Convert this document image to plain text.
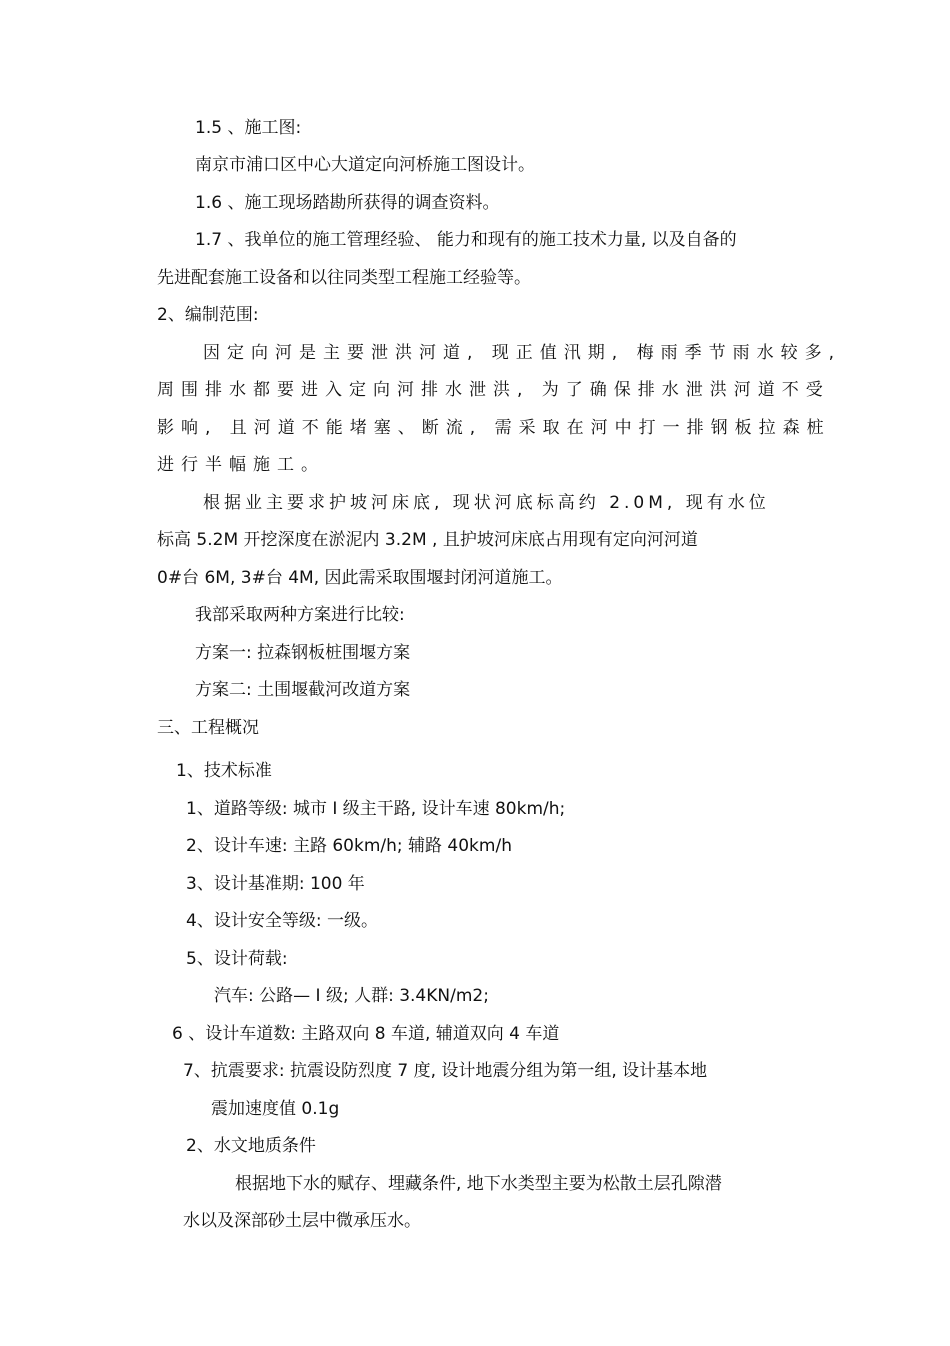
1.5 、施工图:

南京市浦口区中心大道定向河桥施工图设计。

1.6 、施工现场踏勘所获得的调查资料。

1.7 、我单位的施工管理经验、 能力和现有的施工技术力量, 以及自备的

先进配套施工设备和以往同类型工程施工经验等。

2、编制范围:

因定向河是主要泄洪河道, 现正值汛期, 梅雨季节雨水较多,

周围排水都要进入定向河排水泄洪, 为了确保排水泄洪河道不受

影响, 且河道不能堵塞、断流, 需采取在河中打一排钢板拉森桩

进行半幅施工。

根据业主要求护坡河床底, 现状河底标高约 2.0M, 现有水位

标高 5.2M 开挖深度在淤泥内 3.2M , 且护坡河床底占用现有定向河河道

0#台 6M, 3#台 4M, 因此需采取围堰封闭河道施工。

我部采取两种方案进行比较:

方案一: 拉森钢板桩围堰方案

方案二: 土围堰截河改道方案

三、工程概况

1、技术标准

1、道路等级: 城市 Ⅰ 级主干路, 设计车速 80km/h;

2、设计车速: 主路 60km/h; 辅路 40km/h

3、设计基准期: 100 年

4、设计安全等级: 一级。

5、设计荷载:

汽车: 公路— Ⅰ 级; 人群: 3.4KN/m2;

6 、设计车道数: 主路双向 8 车道, 辅道双向 4 车道

7、抗震要求: 抗震设防烈度 7 度, 设计地震分组为第一组, 设计基本地

震加速度值 0.1g

2、水文地质条件

根据地下水的赋存、埋藏条件, 地下水类型主要为松散土层孔隙潜

水以及深部砂土层中微承压水。
